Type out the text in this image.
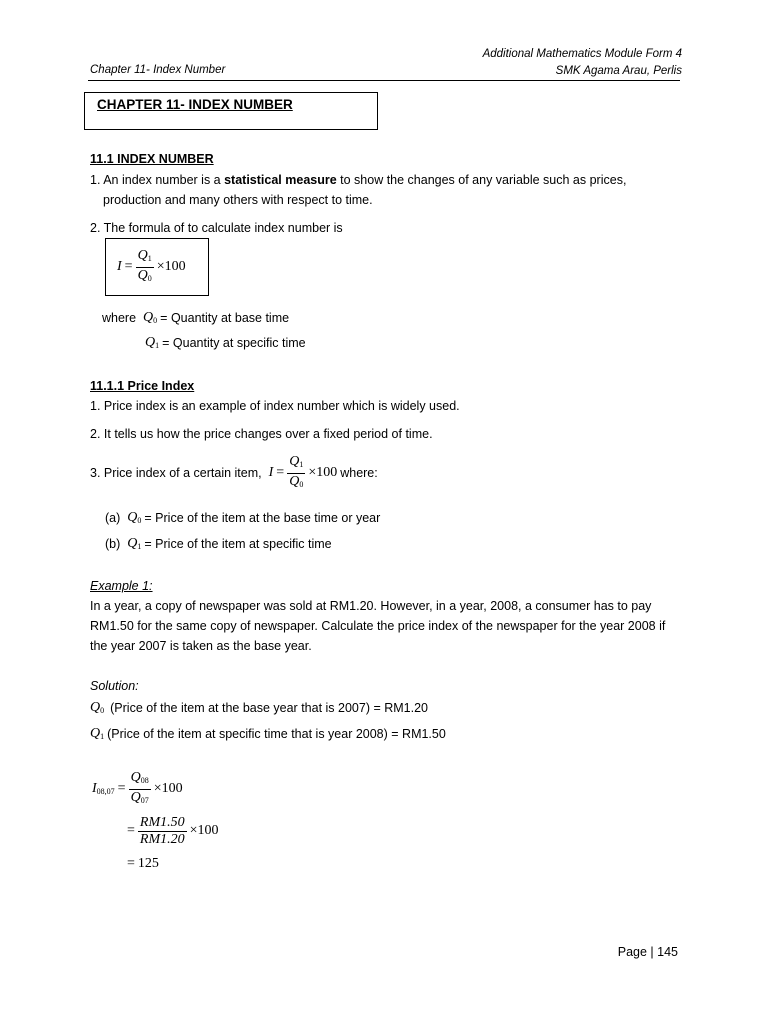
Additional Mathematics Module Form 4
SMK Agama Arau, Perlis
Chapter 11- Index Number
CHAPTER 11- INDEX NUMBER
11.1 INDEX NUMBER
1. An index number is a statistical measure to show the changes of any variable such as prices,
production and many others with respect to time.
2. The formula of to calculate index number is
$I = \frac{Q_1}{Q_0} \times 100$
where $Q_0$ = Quantity at base time
$Q_1$ = Quantity at specific time
11.1.1 Price Index
1. Price index is an example of index number which is widely used.
2. It tells us how the price changes over a fixed period of time.
3. Price index of a certain item, $I = \frac{Q_1}{Q_0} \times 100$ where:
(a) $Q_0$ = Price of the item at the base time or year
(b) $Q_1$ = Price of the item at specific time
Example 1:
In a year, a copy of newspaper was sold at RM1.20. However, in a year, 2008, a consumer has to pay
RM1.50 for the same copy of newspaper. Calculate the price index of the newspaper for the year 2008 if
the year 2007 is taken as the base year.
Solution:
$Q_0$ (Price of the item at the base year that is 2007) = RM1.20
$Q_1$ (Price of the item at specific time that is year 2008) = RM1.50
$I_{08,07} = \frac{Q_{08}}{Q_{07}} \times 100$
= $\frac{RM1.50}{RM1.20} \times 100$
= 125
Page | 145
